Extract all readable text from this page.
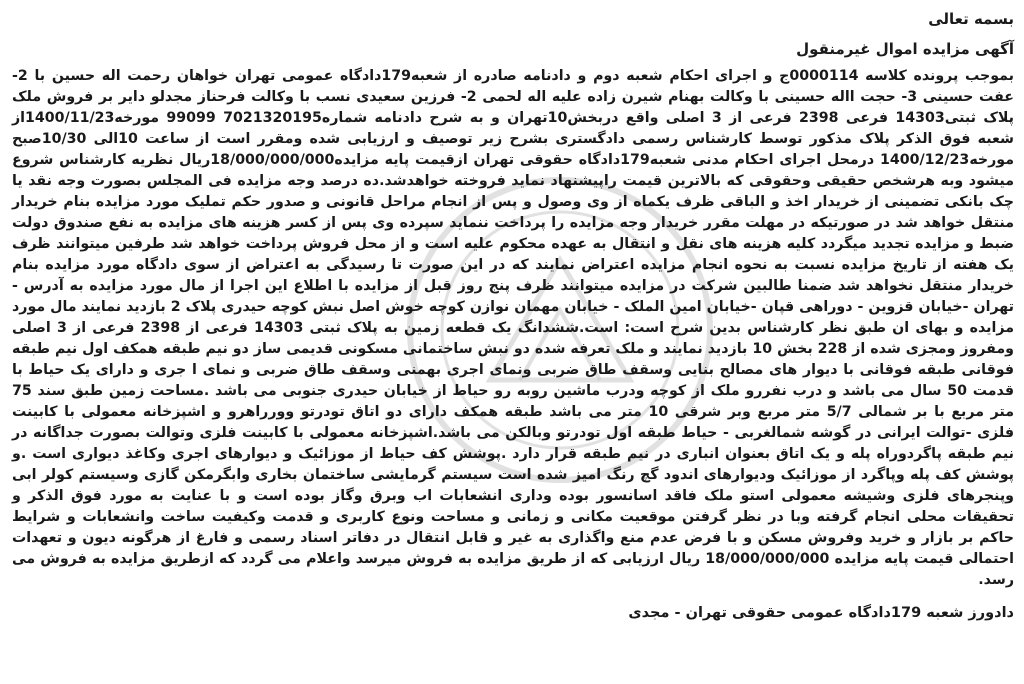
بسمه تعالی

آگهی مزایده اموال غیرمنقول

بموجب پرونده کلاسه 0000114ج و اجرای احکام شعبه دوم و دادنامه صادره از شعبه179دادگاه عمومی تهران خواهان رحمت اله حسین با 2- عفت حسینی 3- حجت االه حسینی با وکالت بهنام شیرن زاده علیه اله لحمی 2- فرزین سعیدی نسب با وکالت فرحناز مجدلو دایر بر فروش ملک پلاک ثبتی14303 فرعی 2398 فرعی از 3 اصلی واقع دربخش10تهران و به شرح دادنامه شماره7021320195 99099 مورخه1400/11/23از شعبه فوق الذکر پلاک مذکور توسط کارشناس رسمی دادگستری بشرح زیر توصیف و ارزیابی شده ومقرر است از ساعت 10الی 10/30صبح مورخه1400/12/23 درمحل اجرای احکام مدنی شعبه179دادگاه حقوقی تهران ازقیمت پایه مزایده18/000/000/000ریال نظریه کارشناس شروع میشود وبه هرشخص حقیقی وحقوقی که بالاترین قیمت راپیشنهاد نماید فروخته خواهدشد.ده درصد وجه مزایده فی المجلس بصورت وجه نقد یا چک بانکی تضمینی از خریدار اخذ و الباقی ظرف یکماه از وی وصول و پس از انجام مراحل قانونی و صدور حکم تملیک مورد مزایده بنام خریدار منتقل خواهد شد در صورتیکه در مهلت مقرر خریدار وجه مزایده را پرداخت ننماید سپرده وی پس از کسر هزینه های مزایده به نفع صندوق دولت ضبط و مزایده تجدید میگردد کلیه هزینه های نقل و انتقال به عهده محکوم علیه است و از محل فروش پرداخت خواهد شد طرفین میتوانند ظرف یک هفته از تاریخ مزایده نسبت به نحوه انجام مزایده اعتراض نمایند که در این صورت تا رسیدگی به اعتراض از سوی دادگاه مورد مزایده بنام خریدار منتقل نخواهد شد ضمنا طالبین شرکت در مزایده میتوانند ظرف پنج روز قبل از مزایده با اطلاع این اجرا از مال مورد مزایده به آدرس - تهران -خیابان قزوین - دوراهی قپان -خیابان امین الملک - خیابان مهمان نوازن کوچه خوش اصل نبش کوچه حیدری پلاک 2 بازدید نمایند مال مورد مزایده و بهای ان طبق نظر کارشناس بدین شرح است: است.ششدانگ یک قطعه زمین به پلاک ثبتی 14303 فرعی از 2398 فرعی از 3 اصلی ومفروز ومجزی شده از 228 بخش 10 بازدید نمایند و ملک تعرفه شده دو نبش ساختمانی مسکونی قدیمی ساز دو نیم طبقه همکف اول نیم طبقه فوقانی طبقه فوقانی با دیوار های مصالح بنایی وسقف طاق ضربی ونمای اجری بهمنی وسقف طاق ضربی و نمای ا جری و دارای یک حیاط با قدمت 50 سال می باشد و درب نفررو ملک از کوچه ودرب ماشین روبه رو حیاط از خیابان حیدری جنوبی می باشد .مساحت زمین طبق سند 75 متر مربع با بر شمالی 5/7 متر مربع وبر شرقی 10 متر می باشد طبقه همکف دارای دو اتاق تودرتو وورراهرو و اشپزخانه معمولی با کابینت فلزی -توالت ایرانی در گوشه شمالغربی - حیاط طبقه اول تودرتو وبالکن می باشد.اشپزخانه معمولی با کابینت فلزی وتوالت بصورت جداگانه در نیم طبقه پاگردوراه پله و یک اتاق بعنوان انباری در نیم طبقه قرار دارد .پوشش کف حیاط از موزائیک و دیوارهای اجری وکاغذ دیواری است .و پوشش کف پله وپاگرد از موزائیک ودیوارهای اندود گچ رنگ امیز شده است سیستم گرمایشی ساختمان بخاری وابگرمکن گازی وسیستم کولر ابی وپنجرهای فلزی وشیشه معمولی استو ملک فاقد اسانسور بوده وداری انشعابات اب وبرق وگاز بوده است و با عنایت به مورد فوق الذکر و تحقیقات محلی انجام گرفته وبا در نظر گرفتن موقعیت مکانی و زمانی و مساحت ونوع کاربری و قدمت وکیفیت ساخت وانشعابات و شرایط حاکم بر بازار و خرید وفروش مسکن و با فرض عدم منع واگذاری به غیر و قابل انتقال در دفاتر اسناد رسمی و فارغ از هرگونه دیون و تعهدات احتمالی قیمت پایه مزایده 18/000/000/000 ریال ارزیابی که از طریق مزایده به فروش میرسد واعلام می گردد که ازطریق مزایده به فروش می رسد.

دادورز شعبه 179دادگاه عمومی حقوقی تهران - مجدی
